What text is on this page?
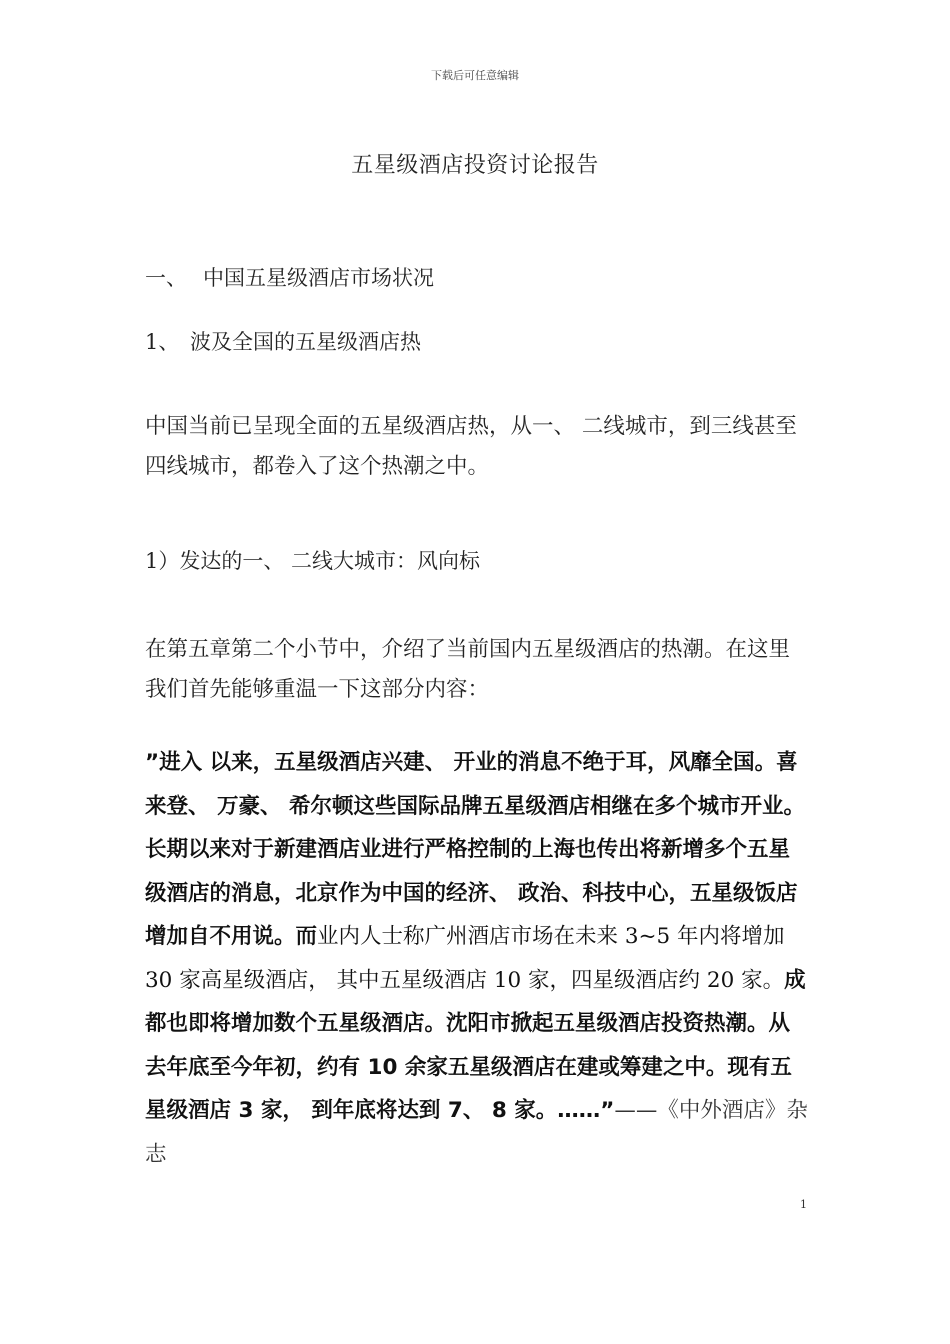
下载后可任意编辑
五星级酒店投资讨论报告
一、 中国五星级酒店市场状况
1、 波及全国的五星级酒店热
中国当前已呈现全面的五星级酒店热，从一、 二线城市，到三线甚至四线城市，都卷入了这个热潮之中。
1）发达的一、 二线大城市：风向标
在第五章第二个小节中，介绍了当前国内五星级酒店的热潮。在这里我们首先能够重温一下这部分内容：
”进入 以来，五星级酒店兴建、 开业的消息不绝于耳，风靡全国。喜来登、 万豪、 希尔顿这些国际品牌五星级酒店相继在多个城市开业。长期以来对于新建酒店业进行严格控制的上海也传出将新增多个五星级酒店的消息，北京作为中国的经济、 政治、科技中心，五星级饭店增加自不用说。而业内人士称广州酒店市场在未来 3~5 年内将增加 30 家高星级酒店， 其中五星级酒店 10 家，四星级酒店约 20 家。成都也即将增加数个五星级酒店。沈阳市掀起五星级酒店投资热潮。从去年底至今年初，约有 10 余家五星级酒店在建或筹建之中。现有五星级酒店 3 家， 到年底将达到 7、 8 家。……”——《中外酒店》杂志
1
